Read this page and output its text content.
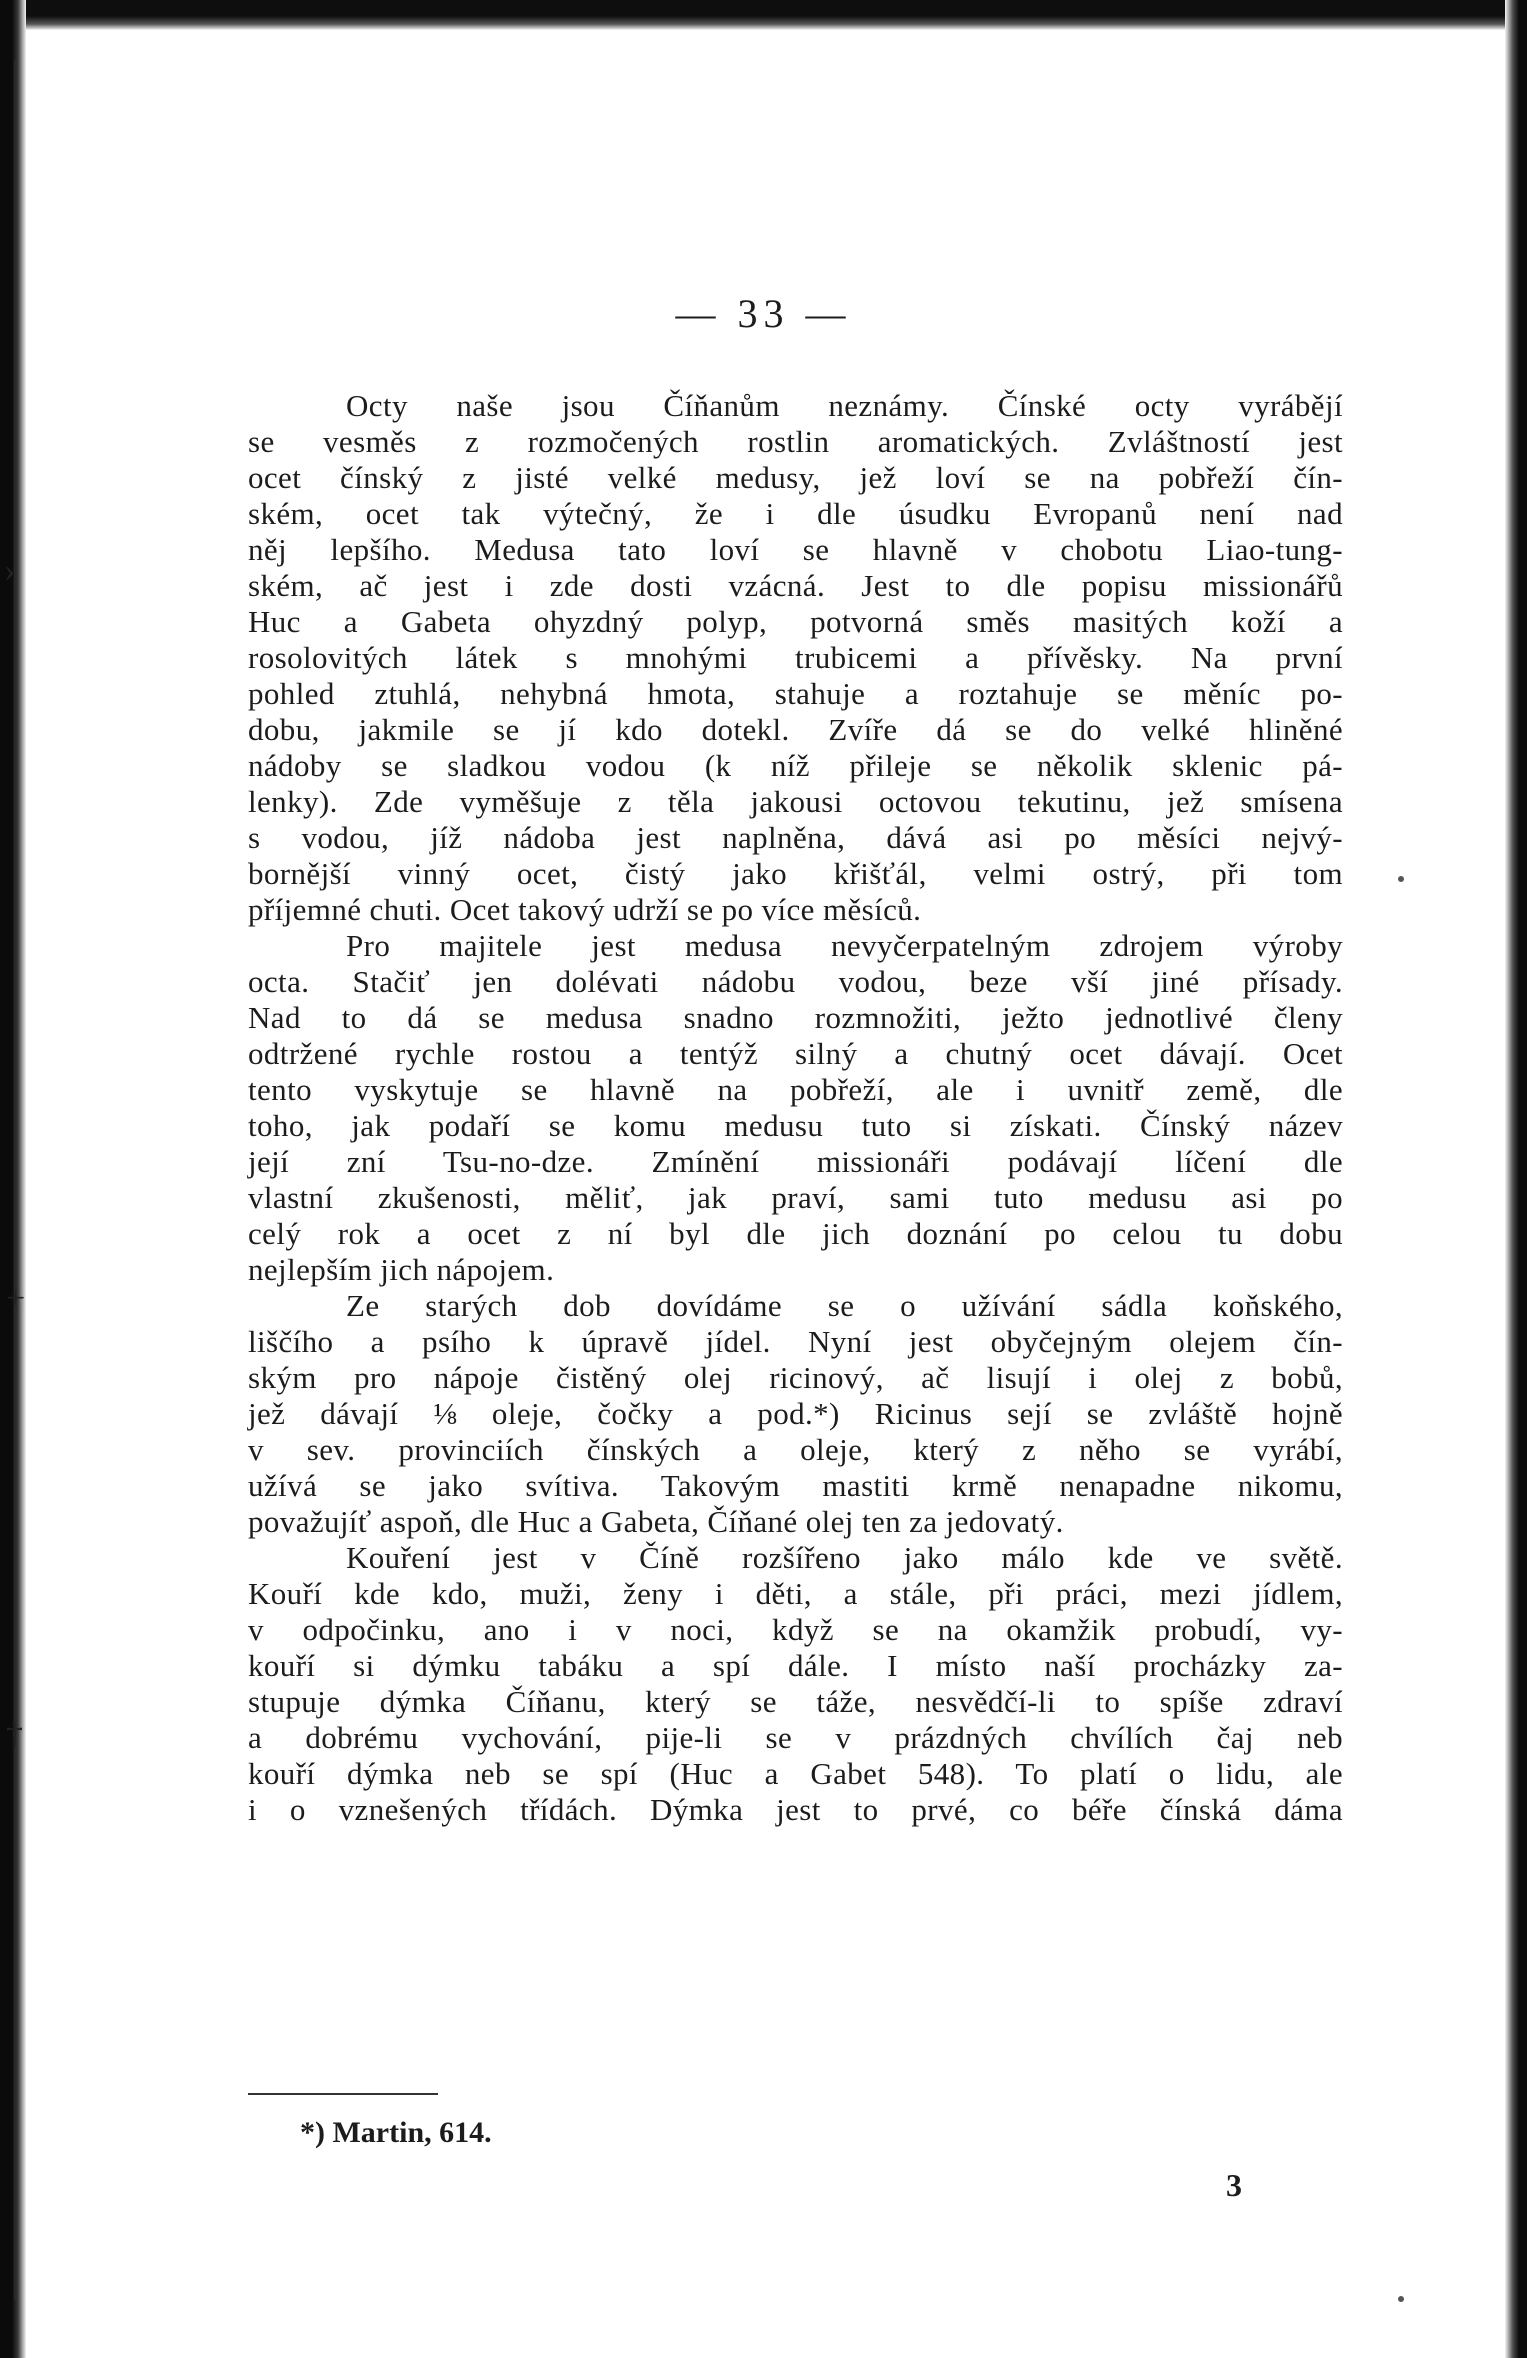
›
+
†
— 33 —
Octy naše jsou Číňanům neznámy. Čínské octy vyrábějí
se vesměs z rozmočených rostlin aromatických. Zvláštností jest
ocet čínský z jisté velké medusy, jež loví se na pobřeží čín-
ském, ocet tak výtečný, že i dle úsudku Evropanů není nad
něj lepšího. Medusa tato loví se hlavně v chobotu Liao-tung-
ském, ač jest i zde dosti vzácná. Jest to dle popisu missionářů
Huc a Gabeta ohyzdný polyp, potvorná směs masitých koží a
rosolovitých látek s mnohými trubicemi a přívěsky. Na první
pohled ztuhlá, nehybná hmota, stahuje a roztahuje se měníc po-
dobu, jakmile se jí kdo dotekl. Zvíře dá se do velké hliněné
nádoby se sladkou vodou (k níž přileje se několik sklenic pá-
lenky). Zde vyměšuje z těla jakousi octovou tekutinu, jež smísena
s vodou, jíž nádoba jest naplněna, dává asi po měsíci nejvý-
bornější vinný ocet, čistý jako křišťál, velmi ostrý, při tom
příjemné chuti. Ocet takový udrží se po více měsíců.
Pro majitele jest medusa nevyčerpatelným zdrojem výroby
octa. Stačiť jen dolévati nádobu vodou, beze vší jiné přísady.
Nad to dá se medusa snadno rozmnožiti, ježto jednotlivé členy
odtržené rychle rostou a tentýž silný a chutný ocet dávají. Ocet
tento vyskytuje se hlavně na pobřeží, ale i uvnitř země, dle
toho, jak podaří se komu medusu tuto si získati. Čínský název
její zní Tsu-no-dze. Zmínění missionáři podávají líčení dle
vlastní zkušenosti, měliť, jak praví, sami tuto medusu asi po
celý rok a ocet z ní byl dle jich doznání po celou tu dobu
nejlepším jich nápojem.
Ze starých dob dovídáme se o užívání sádla koňského,
liščího a psího k úpravě jídel. Nyní jest obyčejným olejem čín-
ským pro nápoje čistěný olej ricinový, ač lisují i olej z bobů,
jež dávají ⅛ oleje, čočky a pod.*) Ricinus sejí se zvláště hojně
v sev. provinciích čínských a oleje, který z něho se vyrábí,
užívá se jako svítiva. Takovým mastiti krmě nenapadne nikomu,
považujíť aspoň, dle Huc a Gabeta, Číňané olej ten za jedovatý.
Kouření jest v Číně rozšířeno jako málo kde ve světě.
Kouří kde kdo, muži, ženy i děti, a stále, při práci, mezi jídlem,
v odpočinku, ano i v noci, když se na okamžik probudí, vy-
kouří si dýmku tabáku a spí dále. I místo naší procházky za-
stupuje dýmka Číňanu, který se táže, nesvědčí-li to spíše zdraví
a dobrému vychování, pije-li se v prázdných chvílích čaj neb
kouří dýmka neb se spí (Huc a Gabet 548). To platí o lidu, ale
i o vznešených třídách. Dýmka jest to prvé, co béře čínská dáma
*) Martin, 614.
3
